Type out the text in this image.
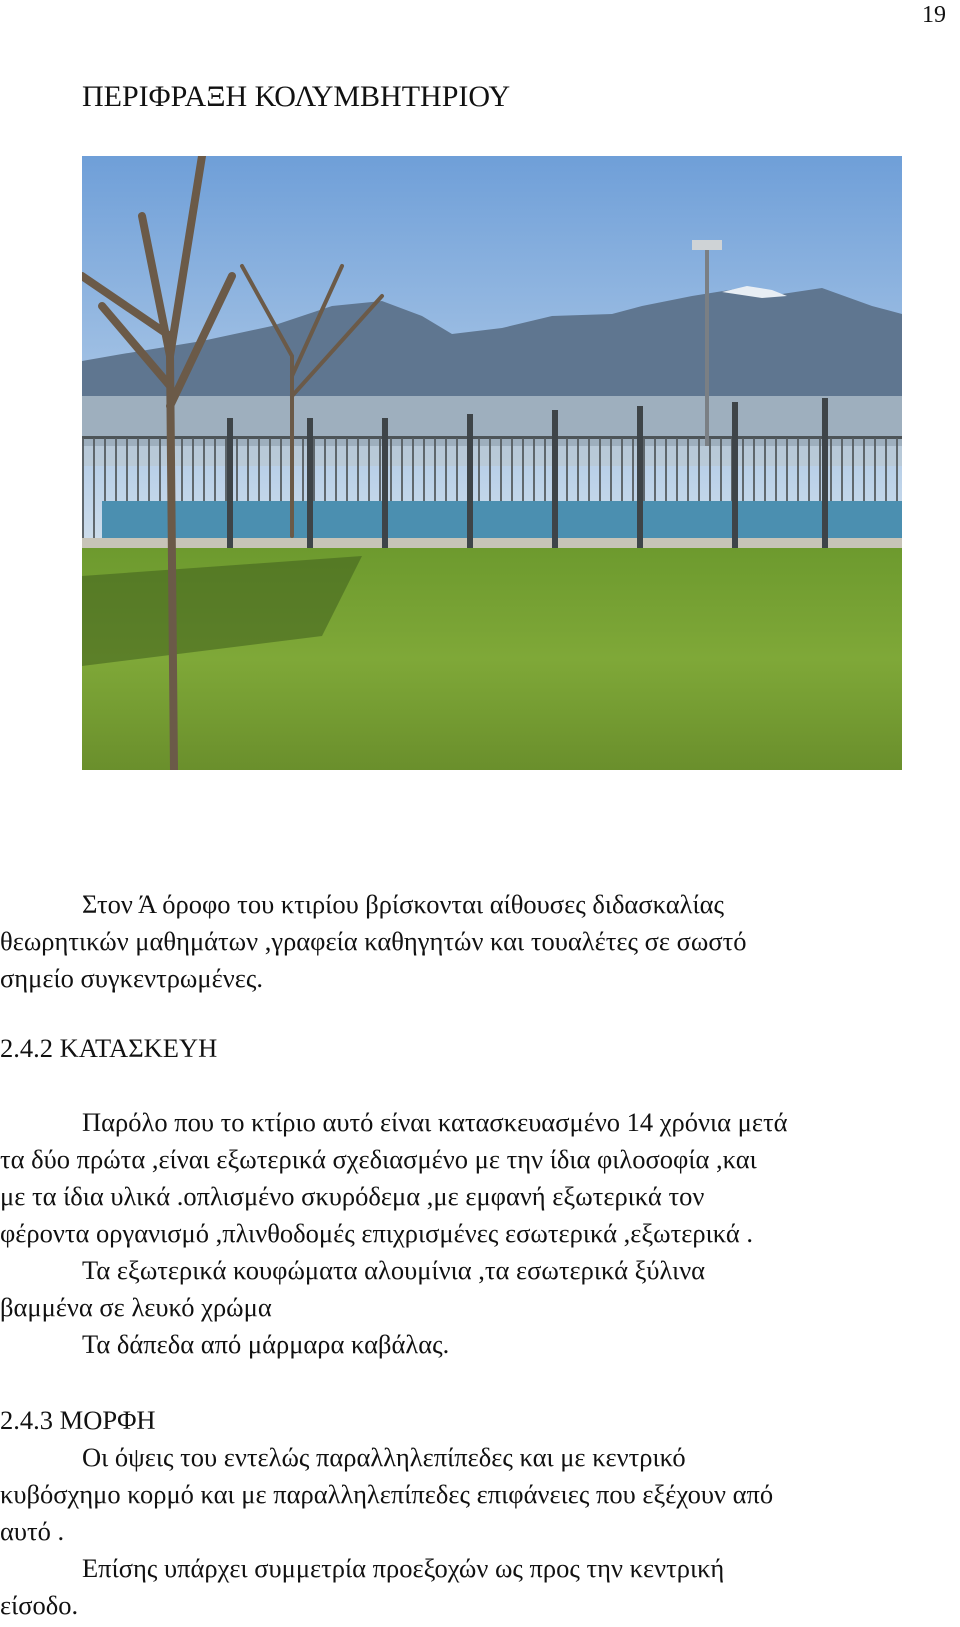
19
ΠΕΡΙΦΡΑΞΗ ΚΟΛΥΜΒΗΤΗΡΙΟΥ
Στον Ά όροφο του κτιρίου βρίσκονται αίθουσες διδασκαλίας
θεωρητικών μαθημάτων ,γραφεία καθηγητών και τουαλέτες σε σωστό
σημείο συγκεντρωμένες.
2.4.2 ΚΑΤΑΣΚΕΥΗ
Παρόλο που το κτίριο αυτό είναι κατασκευασμένο 14 χρόνια μετά
τα δύο πρώτα ,είναι εξωτερικά σχεδιασμένο με την ίδια φιλοσοφία ,και
με τα ίδια υλικά .οπλισμένο σκυρόδεμα ,με εμφανή εξωτερικά τον
φέροντα οργανισμό ,πλινθοδομές επιχρισμένες εσωτερικά ,εξωτερικά .
Τα εξωτερικά κουφώματα αλουμίνια ,τα εσωτερικά ξύλινα
βαμμένα σε λευκό χρώμα
Τα δάπεδα από μάρμαρα καβάλας.
2.4.3 ΜΟΡΦΗ
Οι όψεις του εντελώς παραλληλεπίπεδες και με κεντρικό
κυβόσχημο κορμό και με παραλληλεπίπεδες επιφάνειες που εξέχουν από
αυτό .
Επίσης υπάρχει συμμετρία προεξοχών ως προς την κεντρική
είσοδο.
